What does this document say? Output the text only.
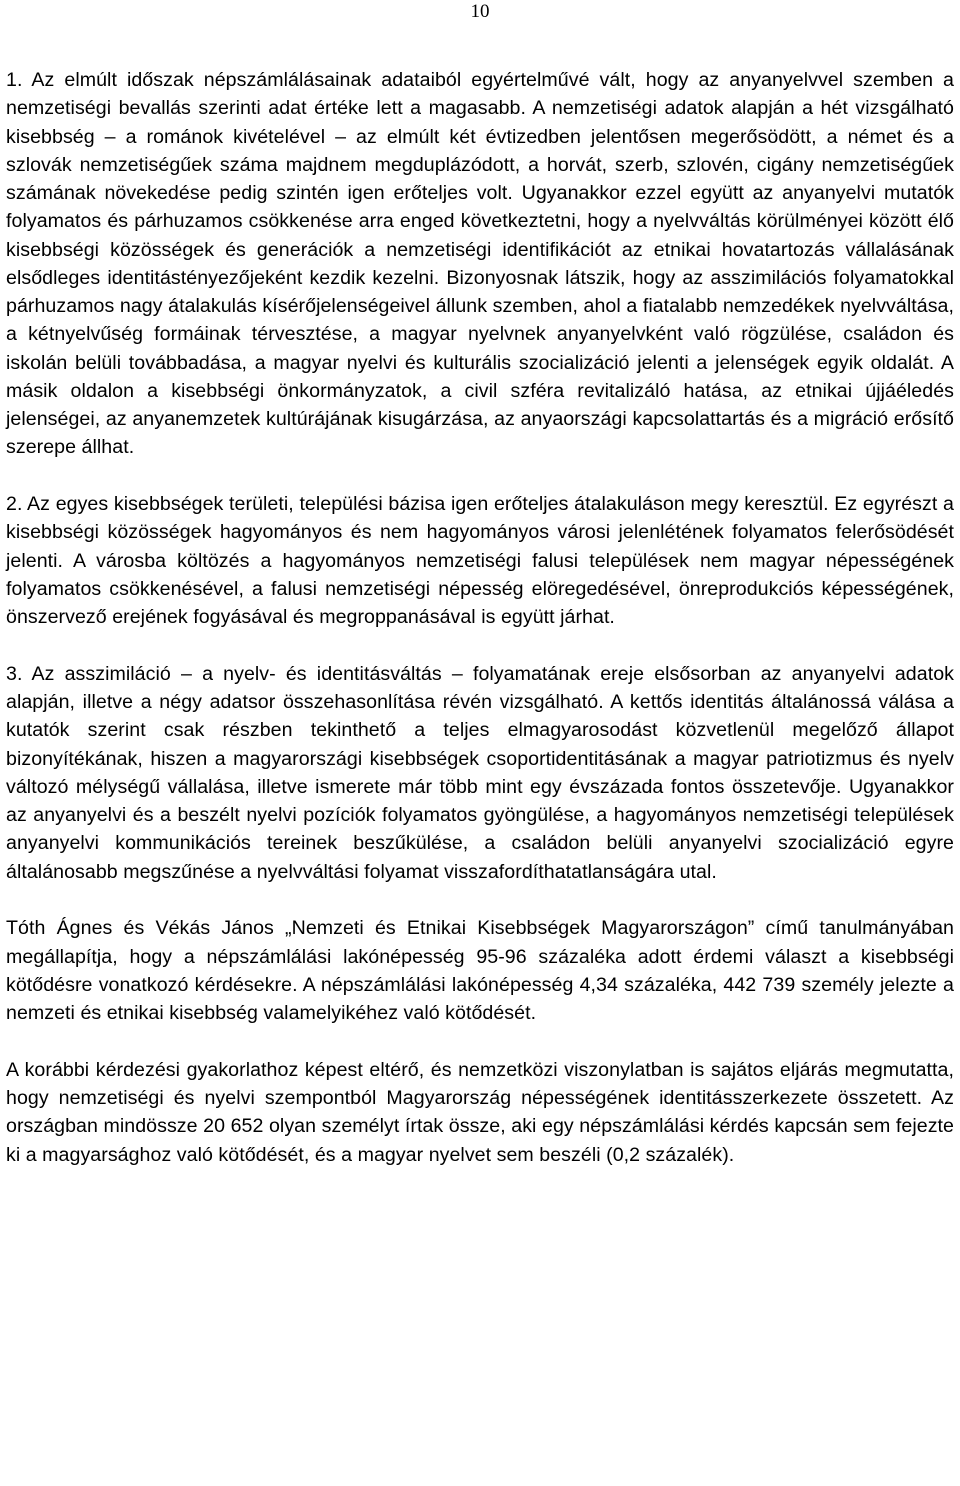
10

1. Az elmúlt időszak népszámlálásainak adataiból egyértelművé vált, hogy az anyanyelvvel szemben a nemzetiségi bevallás szerinti adat értéke lett a magasabb. A nemzetiségi adatok alapján a hét vizsgálható kisebbség – a románok kivételével – az elmúlt két évtizedben jelentősen megerősödött, a német és a szlovák nemzetiségűek száma majdnem megduplázódott, a horvát, szerb, szlovén, cigány nemzetiségűek számának növekedése pedig szintén igen erőteljes volt. Ugyanakkor ezzel együtt az anyanyelvi mutatók folyamatos és párhuzamos csökkenése arra enged következtetni, hogy a nyelvváltás körülményei között élő kisebbségi közösségek és generációk a nemzetiségi identifikációt az etnikai hovatartozás vállalásának elsődleges identitástényezőjeként kezdik kezelni. Bizonyosnak látszik, hogy az asszimilációs folyamatokkal párhuzamos nagy átalakulás kísérőjelenségeivel állunk szemben, ahol a fiatalabb nemzedékek nyelvváltása, a kétnyelvűség formáinak térvesztése, a magyar nyelvnek anyanyelvként való rögzülése, családon és iskolán belüli továbbadása, a magyar nyelvi és kulturális szocializáció jelenti a jelenségek egyik oldalát. A másik oldalon a kisebbségi önkormányzatok, a civil szféra revitalizáló hatása, az etnikai újjáéledés jelenségei, az anyanemzetek kultúrájának kisugárzása, az anyaországi kapcsolattartás és a migráció erősítő szerepe állhat.

2. Az egyes kisebbségek területi, települési bázisa igen erőteljes átalakuláson megy keresztül. Ez egyrészt a kisebbségi közösségek hagyományos és nem hagyományos városi jelenlétének folyamatos felerősödését jelenti. A városba költözés a hagyományos nemzetiségi falusi települések nem magyar népességének folyamatos csökkenésével, a falusi nemzetiségi népesség elöregedésével, önreprodukciós képességének, önszervező erejének fogyásával és megroppanásával is együtt járhat.

3. Az asszimiláció – a nyelv- és identitásváltás – folyamatának ereje elsősorban az anyanyelvi adatok alapján, illetve a négy adatsor összehasonlítása révén vizsgálható. A kettős identitás általánossá válása a kutatók szerint csak részben tekinthető a teljes elmagyarosodást közvetlenül megelőző állapot bizonyítékának, hiszen a magyarországi kisebbségek csoportidentitásának a magyar patriotizmus és nyelv változó mélységű vállalása, illetve ismerete már több mint egy évszázada fontos összetevője. Ugyanakkor az anyanyelvi és a beszélt nyelvi pozíciók folyamatos gyöngülése, a hagyományos nemzetiségi települések anyanyelvi kommunikációs tereinek beszűkülése, a családon belüli anyanyelvi szocializáció egyre általánosabb megszűnése a nyelvváltási folyamat visszafordíthatatlanságára utal.

Tóth Ágnes és Vékás János „Nemzeti és Etnikai Kisebbségek Magyarországon” című tanulmányában megállapítja, hogy a népszámlálási lakónépesség 95-96 százaléka adott érdemi választ a kisebbségi kötődésre vonatkozó kérdésekre. A népszámlálási lakónépesség 4,34 százaléka, 442 739 személy jelezte a nemzeti és etnikai kisebbség valamelyikéhez való kötődését.

A korábbi kérdezési gyakorlathoz képest eltérő, és nemzetközi viszonylatban is sajátos eljárás megmutatta, hogy nemzetiségi és nyelvi szempontból Magyarország népességének identitásszerkezete összetett. Az országban mindössze 20 652 olyan személyt írtak össze, aki egy népszámlálási kérdés kapcsán sem fejezte ki a magyarsághoz való kötődését, és a magyar nyelvet sem beszéli (0,2 százalék).
